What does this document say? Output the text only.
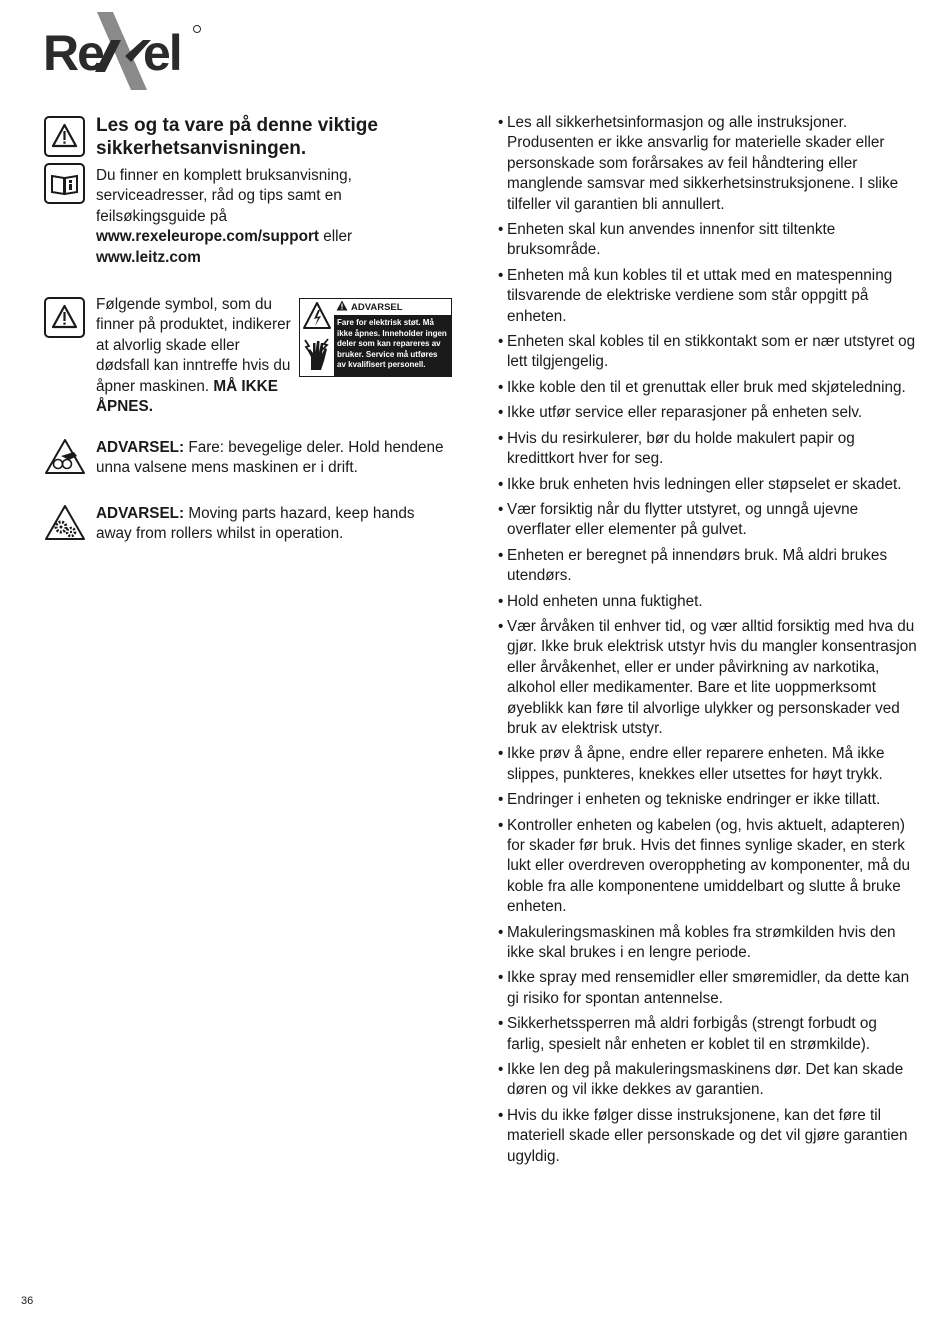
Re el
Les og ta vare på denne viktige sikkerhetsanvisningen.

Du finner en komplett bruksanvisning, serviceadresser, råd og tips samt en feilsøkingsguide på www.rexeleurope.com/support eller www.leitz.com

Følgende symbol, som du finner på produktet, indikerer at alvorlig skade eller dødsfall kan inntreffe hvis du åpner maskinen. MÅ IKKE ÅPNES.

ADVARSEL
Fare for elektrisk støt. Må ikke åpnes. Inneholder ingen deler som kan repareres av bruker. Service må utføres av kvalifisert personell.

ADVARSEL: Fare: bevegelige deler. Hold hendene unna valsene mens maskinen er i drift.

ADVARSEL: Moving parts hazard, keep hands away from rollers whilst in operation.

• Les all sikkerhetsinformasjon og alle instruksjoner. Produsenten er ikke ansvarlig for materielle skader eller personskade som forårsakes av feil håndtering eller manglende samsvar med sikkerhetsinstruksjonene. I slike tilfeller vil garantien bli annullert.
• Enheten skal kun anvendes innenfor sitt tiltenkte bruksområde.
• Enheten må kun kobles til et uttak med en matespenning tilsvarende de elektriske verdiene som står oppgitt på enheten.
• Enheten skal kobles til en stikkontakt som er nær utstyret og lett tilgjengelig.
• Ikke koble den til et grenuttak eller bruk med skjøteledning.
• Ikke utfør service eller reparasjoner på enheten selv.
• Hvis du resirkulerer, bør du holde makulert papir og kredittkort hver for seg.
• Ikke bruk enheten hvis ledningen eller støpselet er skadet.
• Vær forsiktig når du flytter utstyret, og unngå ujevne overflater eller elementer på gulvet.
• Enheten er beregnet på innendørs bruk. Må aldri brukes utendørs.
• Hold enheten unna fuktighet.
• Vær årvåken til enhver tid, og vær alltid forsiktig med hva du gjør. Ikke bruk elektrisk utstyr hvis du mangler konsentrasjon eller årvåkenhet, eller er under påvirkning av narkotika, alkohol eller medikamenter. Bare et lite uoppmerksomt øyeblikk kan føre til alvorlige ulykker og personskader ved bruk av elektrisk utstyr.
• Ikke prøv å åpne, endre eller reparere enheten. Må ikke slippes, punkteres, knekkes eller utsettes for høyt trykk.
• Endringer i enheten og tekniske endringer er ikke tillatt.
• Kontroller enheten og kabelen (og, hvis aktuelt, adapteren) for skader før bruk. Hvis det finnes synlige skader, en sterk lukt eller overdreven overoppheting av komponenter, må du koble fra alle komponentene umiddelbart og slutte å bruke enheten.
• Makuleringsmaskinen må kobles fra strømkilden hvis den ikke skal brukes i en lengre periode.
• Ikke spray med rensemidler eller smøremidler, da dette kan gi risiko for spontan antennelse.
• Sikkerhetssperren må aldri forbigås (strengt forbudt og farlig, spesielt når enheten er koblet til en strømkilde).
• Ikke len deg på makuleringsmaskinens dør. Det kan skade døren og vil ikke dekkes av garantien.
• Hvis du ikke følger disse instruksjonene, kan det føre til materiell skade eller personskade og det vil gjøre garantien ugyldig.
36
